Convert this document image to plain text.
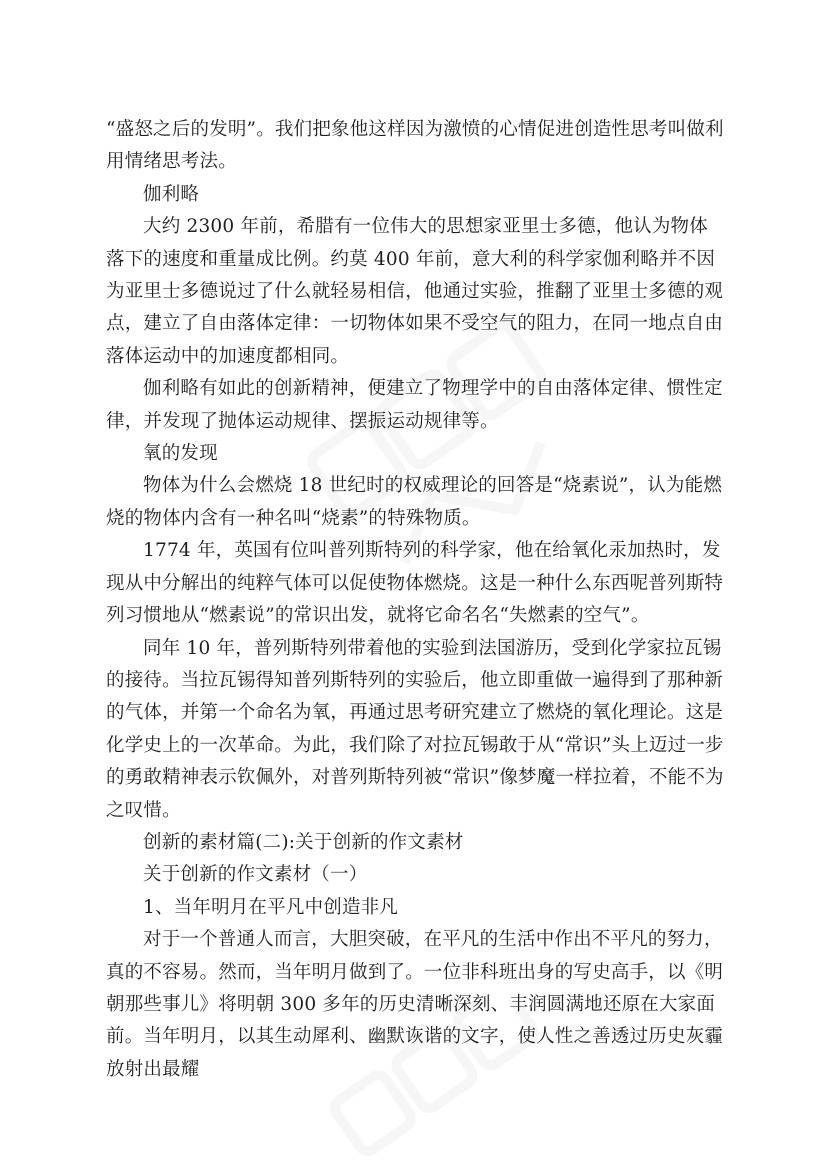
“盛怒之后的发明”。我们把象他这样因为激愤的心情促进创造性思考叫做利用情绪思考法。

伽利略

大约 2300 年前，希腊有一位伟大的思想家亚里士多德，他认为物体落下的速度和重量成比例。约莫 400 年前，意大利的科学家伽利略并不因为亚里士多德说过了什么就轻易相信，他通过实验，推翻了亚里士多德的观点，建立了自由落体定律：一切物体如果不受空气的阻力，在同一地点自由落体运动中的加速度都相同。

伽利略有如此的创新精神，便建立了物理学中的自由落体定律、惯性定律，并发现了抛体运动规律、摆振运动规律等。

氧的发现

物体为什么会燃烧 18 世纪时的权威理论的回答是“烧素说”，认为能燃烧的物体内含有一种名叫“烧素”的特殊物质。

1774 年，英国有位叫普列斯特列的科学家，他在给氧化汞加热时，发现从中分解出的纯粹气体可以促使物体燃烧。这是一种什么东西呢普列斯特列习惯地从“燃素说”的常识出发，就将它命名名“失燃素的空气”。

同年 10 年，普列斯特列带着他的实验到法国游历，受到化学家拉瓦锡的接待。当拉瓦锡得知普列斯特列的实验后，他立即重做一遍得到了那种新的气体，并第一个命名为氧，再通过思考研究建立了燃烧的氧化理论。这是化学史上的一次革命。为此，我们除了对拉瓦锡敢于从“常识”头上迈过一步的勇敢精神表示钦佩外，对普列斯特列被“常识”像梦魔一样拉着，不能不为之叹惜。

创新的素材篇(二):关于创新的作文素材

关于创新的作文素材（一）

1、当年明月在平凡中创造非凡

对于一个普通人而言，大胆突破，在平凡的生活中作出不平凡的努力，真的不容易。然而，当年明月做到了。一位非科班出身的写史高手，以《明朝那些事儿》将明朝 300 多年的历史清晰深刻、丰润圆满地还原在大家面前。当年明月，以其生动犀利、幽默诙谐的文字，使人性之善透过历史灰霾放射出最耀
